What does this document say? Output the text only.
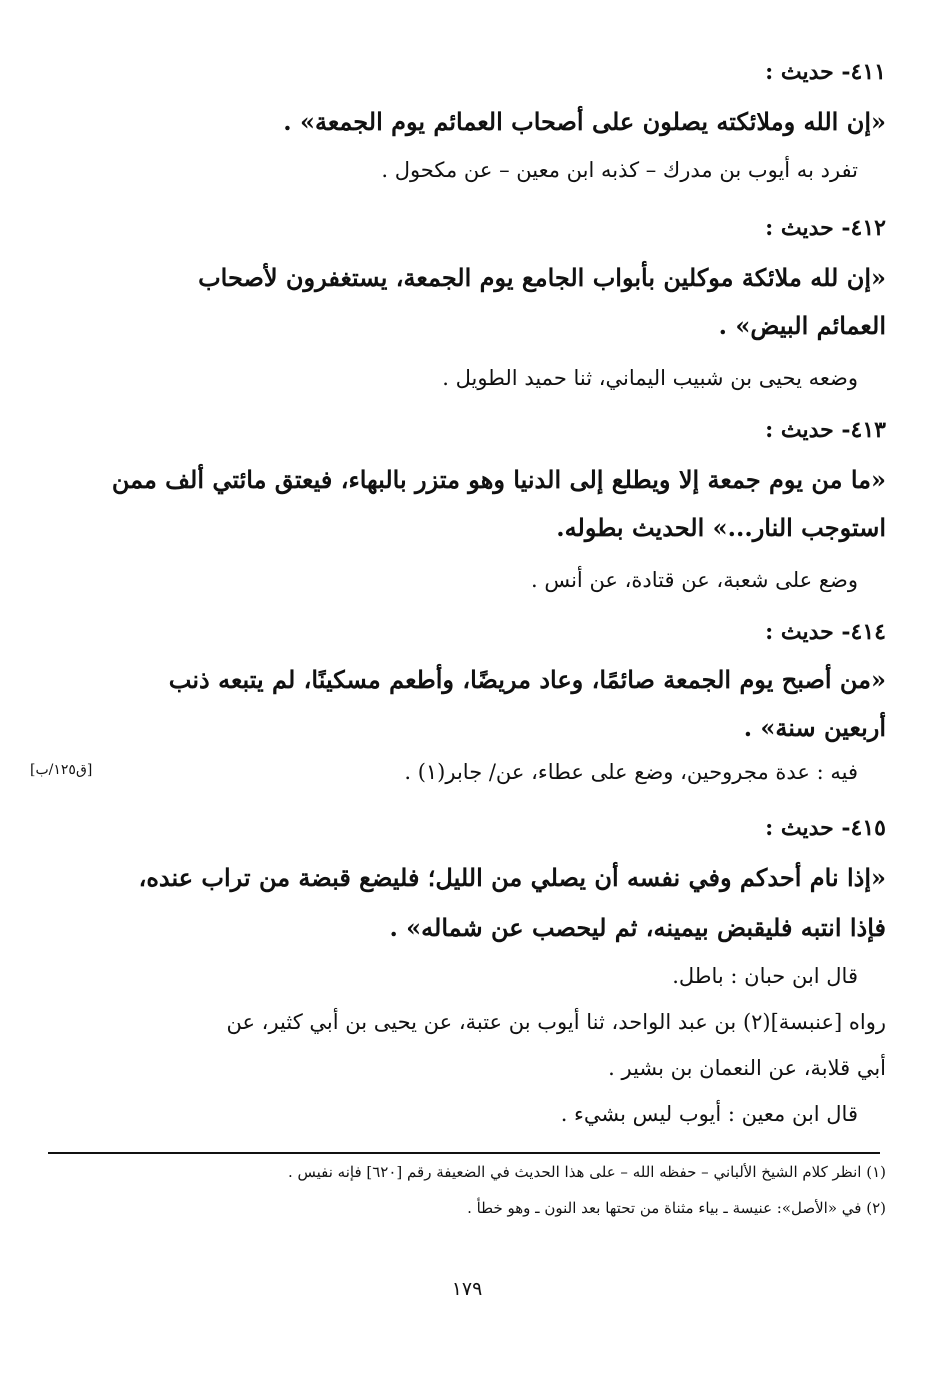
٤١١- حديث :
«إن الله وملائكته يصلون على أصحاب العمائم يوم الجمعة» .
تفرد به أيوب بن مدرك – كذبه ابن معين – عن مكحول .
٤١٢- حديث :
«إن لله ملائكة موكلين بأبواب الجامع يوم الجمعة، يستغفرون لأصحاب
العمائم البيض» .
وضعه يحيى بن شبيب اليماني، ثنا حميد الطويل .
٤١٣- حديث :
«ما من يوم جمعة إلا ويطلع إلى الدنيا وهو متزر بالبهاء، فيعتق مائتي ألف ممن
استوجب النار...» الحديث بطوله.
وضع على شعبة، عن قتادة، عن أنس .
٤١٤- حديث :
«من أصبح يوم الجمعة صائمًا، وعاد مريضًا، وأطعم مسكينًا، لم يتبعه ذنب
أربعين سنة» .
فيه : عدة مجروحين، وضع على عطاء، عن/ جابر(١) .
[ق١٢٥/ب]
٤١٥- حديث :
«إذا نام أحدكم وفي نفسه أن يصلي من الليل؛ فليضع قبضة من تراب عنده،
فإذا انتبه فليقبض بيمينه، ثم ليحصب عن شماله» .
قال ابن حبان : باطل.
رواه [عنبسة](٢) بن عبد الواحد، ثنا أيوب بن عتبة، عن يحيى بن أبي كثير، عن
أبي قلابة، عن النعمان بن بشير .
قال ابن معين : أيوب ليس بشيء .
(١) انظر كلام الشيخ الألباني – حفظه الله – على هذا الحديث في الضعيفة رقم [٦٢٠] فإنه نفيس .
(٢) في «الأصل»: عنيسة ـ بياء مثناة من تحتها بعد النون ـ وهو خطأ .
١٧٩
